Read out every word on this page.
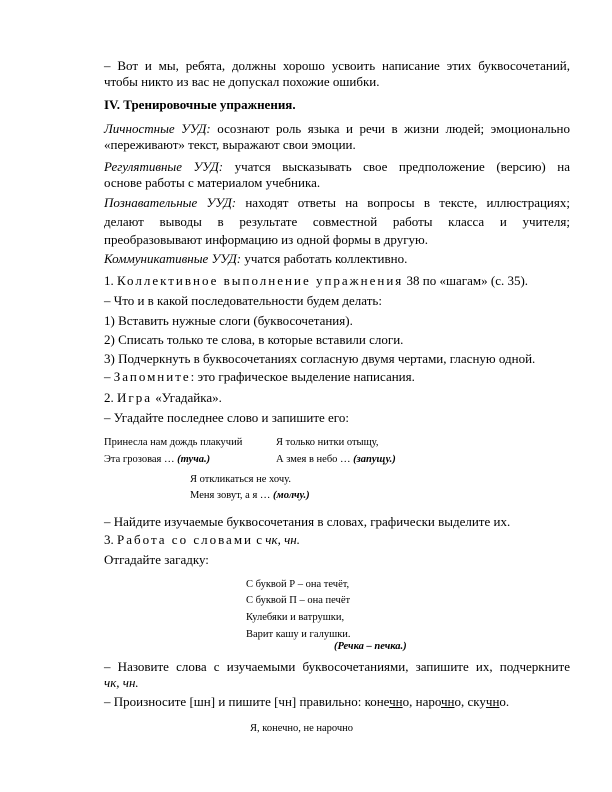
– Вот и мы, ребята, должны хорошо усвоить написание этих буквосочетаний,
чтобы никто из вас не допускал похожие ошибки.
IV. Тренировочные упражнения.
Личностные УУД: осознают роль языка и речи в жизни людей; эмоционально
«переживают» текст, выражают свои эмоции.
Регулятивные УУД: учатся высказывать свое предположение (версию) на
основе работы с материалом учебника.
Познавательные УУД: находят ответы на вопросы в тексте, иллюстрациях;
делают выводы в результате совместной работы класса и учителя;
преобразовывают информацию из одной формы в другую.
Коммуникативные УУД: учатся работать коллективно.
1. Коллективное выполнение упражнения 38 по «шагам» (с. 35).
– Что и в какой последовательности будем делать:
1) Вставить нужные слоги (буквосочетания).
2) Списать только те слова, в которые вставили слоги.
3) Подчеркнуть в буквосочетаниях согласную двумя чертами, гласную одной.
– Запомните: это графическое выделение написания.
2. Игра «Угадайка».
– Угадайте последнее слово и запишите его:
Принесла нам дождь плакучий	Я только нитки отыщу,
Эта грозовая … (туча.)	А змея в небо … (запущу.)
Я откликаться не хочу.
Меня зовут, а я … (молчу.)
– Найдите изучаемые буквосочетания в словах, графически выделите их.
3. Работа со словами с чк, чн.
Отгадайте загадку:
С буквой Р – она течёт,
С буквой П – она печёт
Кулебяки и ватрушки,
Варит кашу и галушки.
(Речка – печка.)
– Назовите слова с изучаемыми буквосочетаниями, запишите их, подчеркните
чк, чн.
– Произносите [шн] и пишите [чн] правильно: конечно, нарочно, скучно.
Я, конечно, не нарочно
